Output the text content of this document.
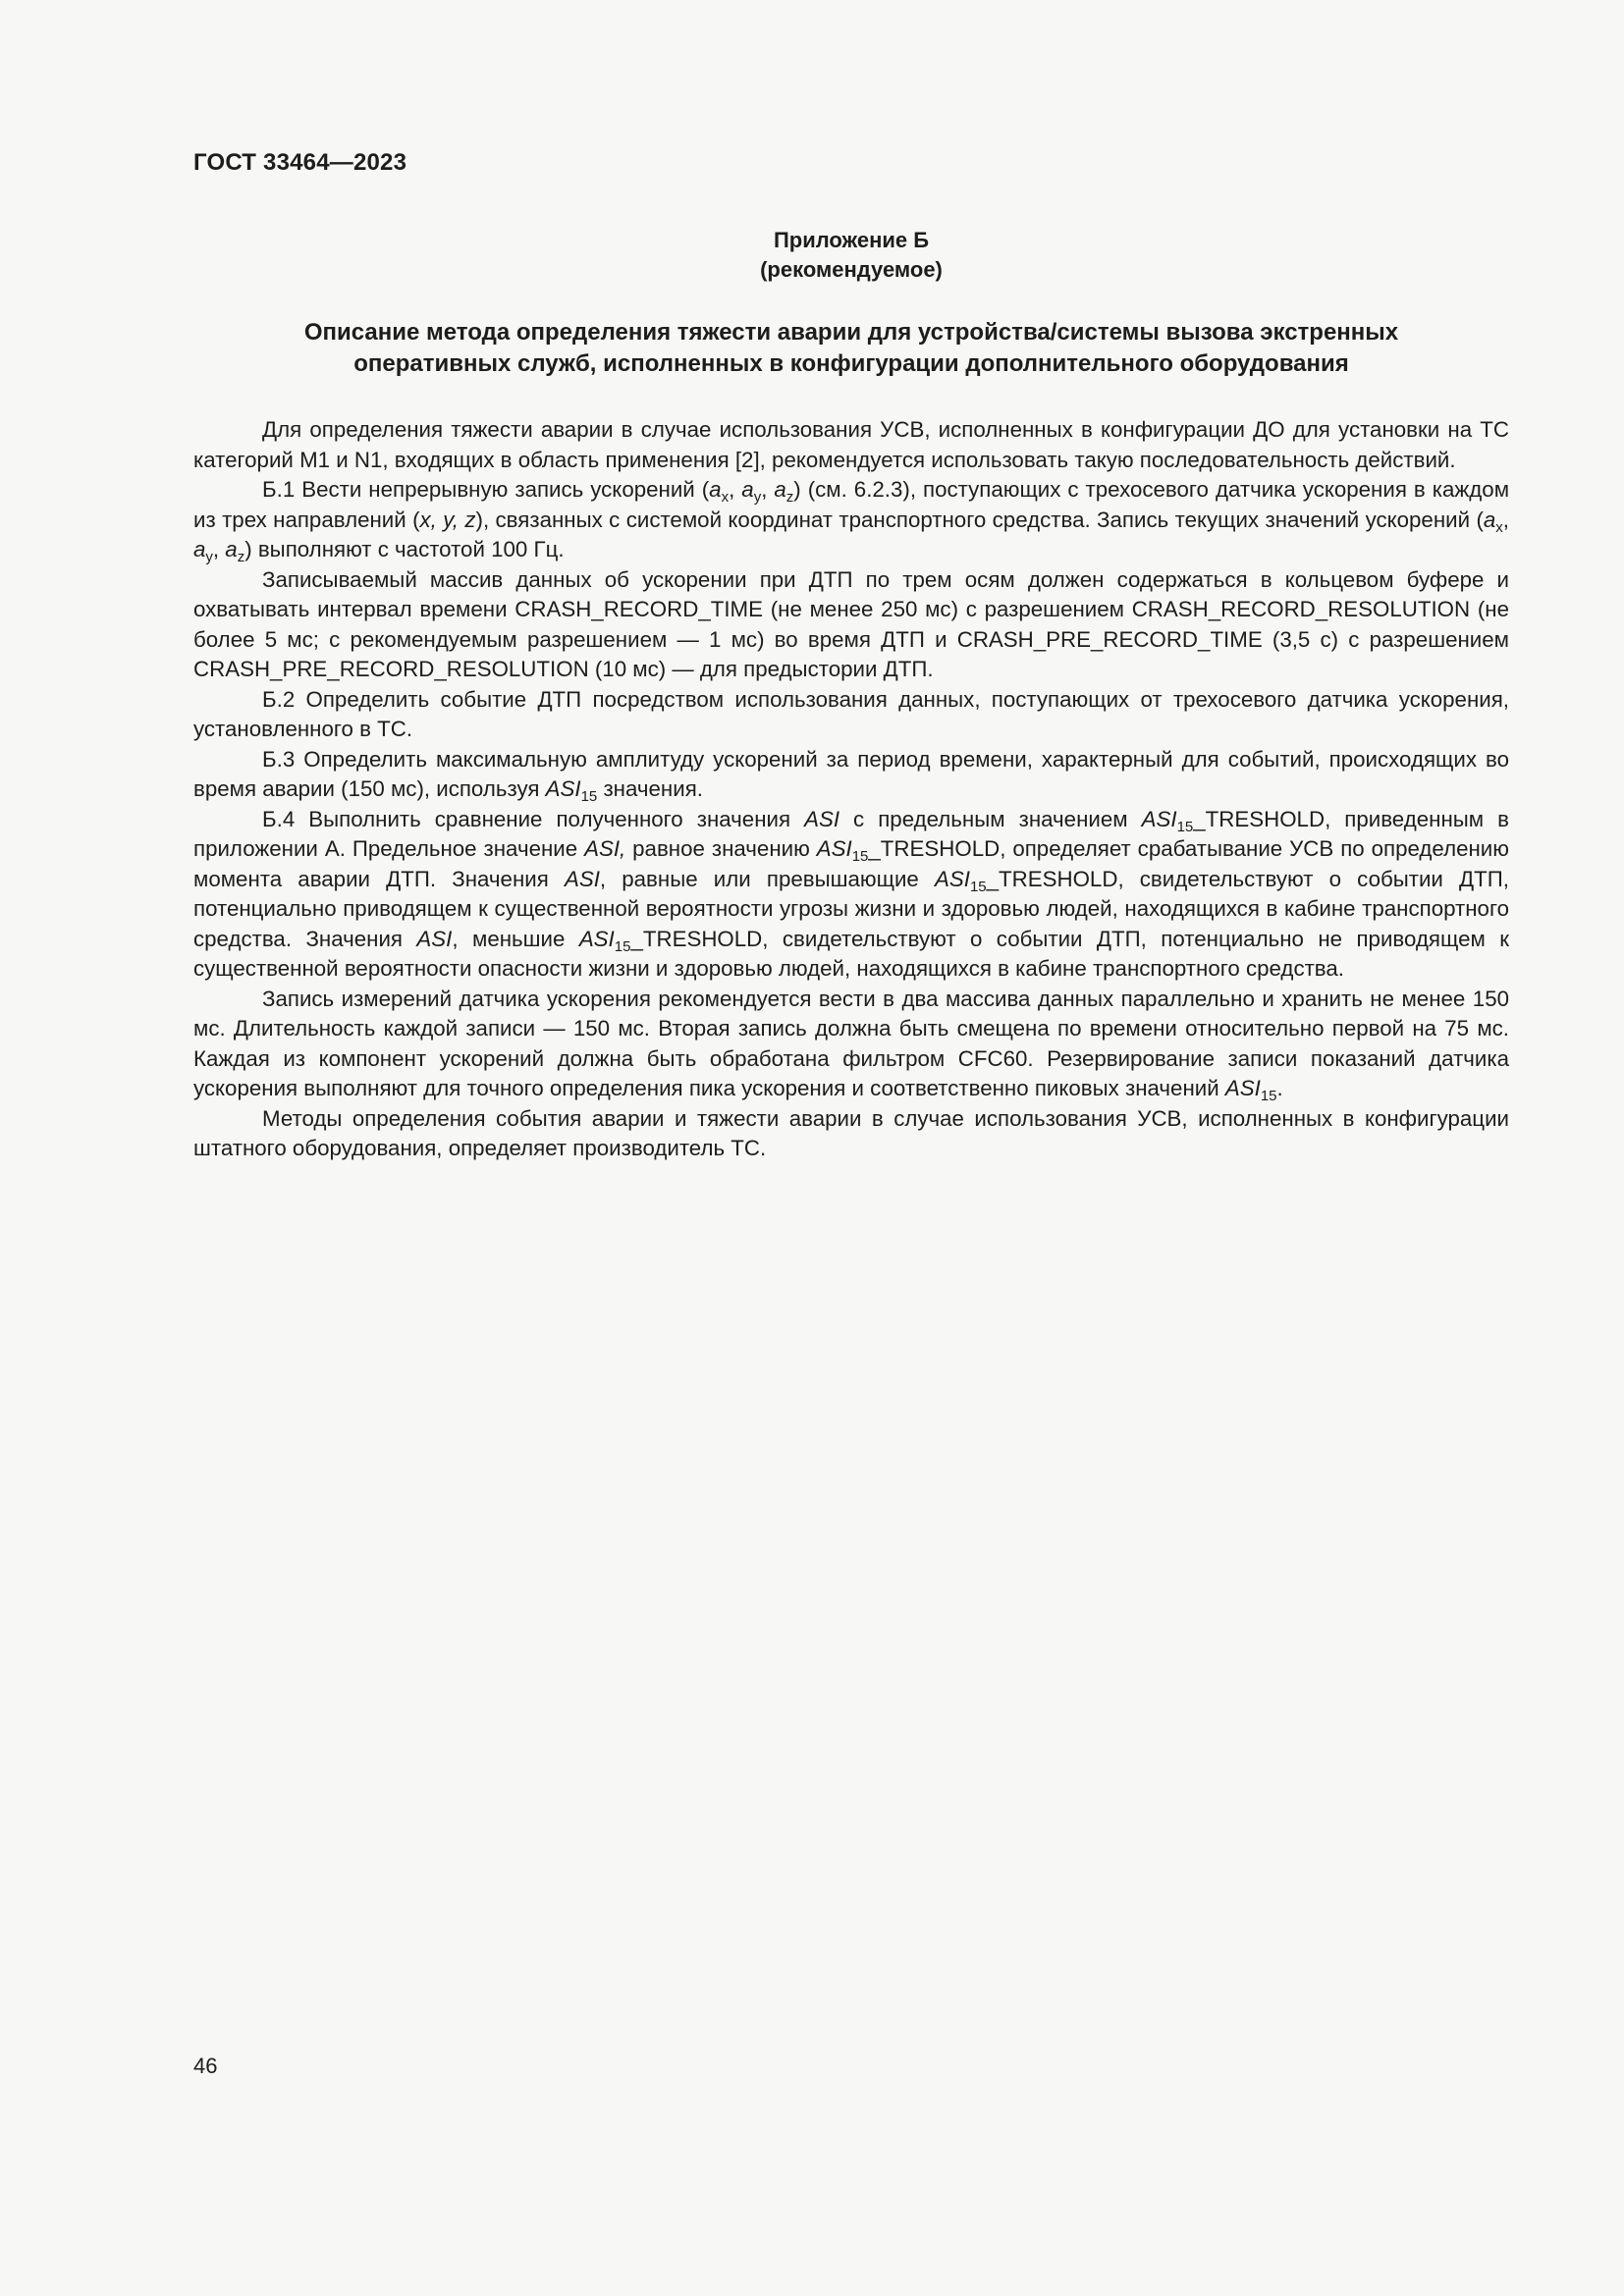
ГОСТ 33464—2023
Приложение Б
(рекомендуемое)
Описание метода определения тяжести аварии для устройства/системы вызова экстренных
оперативных служб, исполненных в конфигурации дополнительного оборудования

Для определения тяжести аварии в случае использования УСВ, исполненных в конфигурации ДО для установки на ТС категорий М1 и N1, входящих в область применения [2], рекомендуется использовать такую последовательность действий.

Б.1 Вести непрерывную запись ускорений ($a_x$, $a_y$, $a_z$) (см. 6.2.3), поступающих с трехосевого датчика ускорения в каждом из трех направлений (x, y, z), связанных с системой координат транспортного средства. Запись текущих значений ускорений ($a_x$, $a_y$, $a_z$) выполняют с частотой 100 Гц.

Записываемый массив данных об ускорении при ДТП по трем осям должен содержаться в кольцевом буфере и охватывать интервал времени CRASH_RECORD_TIME (не менее 250 мс) с разрешением CRASH_RECORD_RESOLUTION (не более 5 мс; с рекомендуемым разрешением — 1 мс) во время ДТП и CRASH_PRE_RECORD_TIME (3,5 с) с разрешением CRASH_PRE_RECORD_RESOLUTION (10 мс) — для предыстории ДТП.

Б.2 Определить событие ДТП посредством использования данных, поступающих от трехосевого датчика ускорения, установленного в ТС.

Б.3 Определить максимальную амплитуду ускорений за период времени, характерный для событий, происходящих во время аварии (150 мс), используя $ASI_{15}$ значения.

Б.4 Выполнить сравнение полученного значения ASI с предельным значением $ASI_{15}\_TRESHOLD$, приведенным в приложении А. Предельное значение ASI, равное значению $ASI_{15}\_TRESHOLD$, определяет срабатывание УСВ по определению момента аварии ДТП. Значения ASI, равные или превышающие $ASI_{15}\_TRESHOLD$, свидетельствуют о событии ДТП, потенциально приводящем к существенной вероятности угрозы жизни и здоровью людей, находящихся в кабине транспортного средства. Значения ASI, меньшие $ASI_{15}\_TRESHOLD$, свидетельствуют о событии ДТП, потенциально не приводящем к существенной вероятности опасности жизни и здоровью людей, находящихся в кабине транспортного средства.

Запись измерений датчика ускорения рекомендуется вести в два массива данных параллельно и хранить не менее 150 мс. Длительность каждой записи — 150 мс. Вторая запись должна быть смещена по времени относительно первой на 75 мс. Каждая из компонент ускорений должна быть обработана фильтром CFC60. Резервирование записи показаний датчика ускорения выполняют для точного определения пика ускорения и соответственно пиковых значений $ASI_{15}$.

Методы определения события аварии и тяжести аварии в случае использования УСВ, исполненных в конфигурации штатного оборудования, определяет производитель ТС.

46
